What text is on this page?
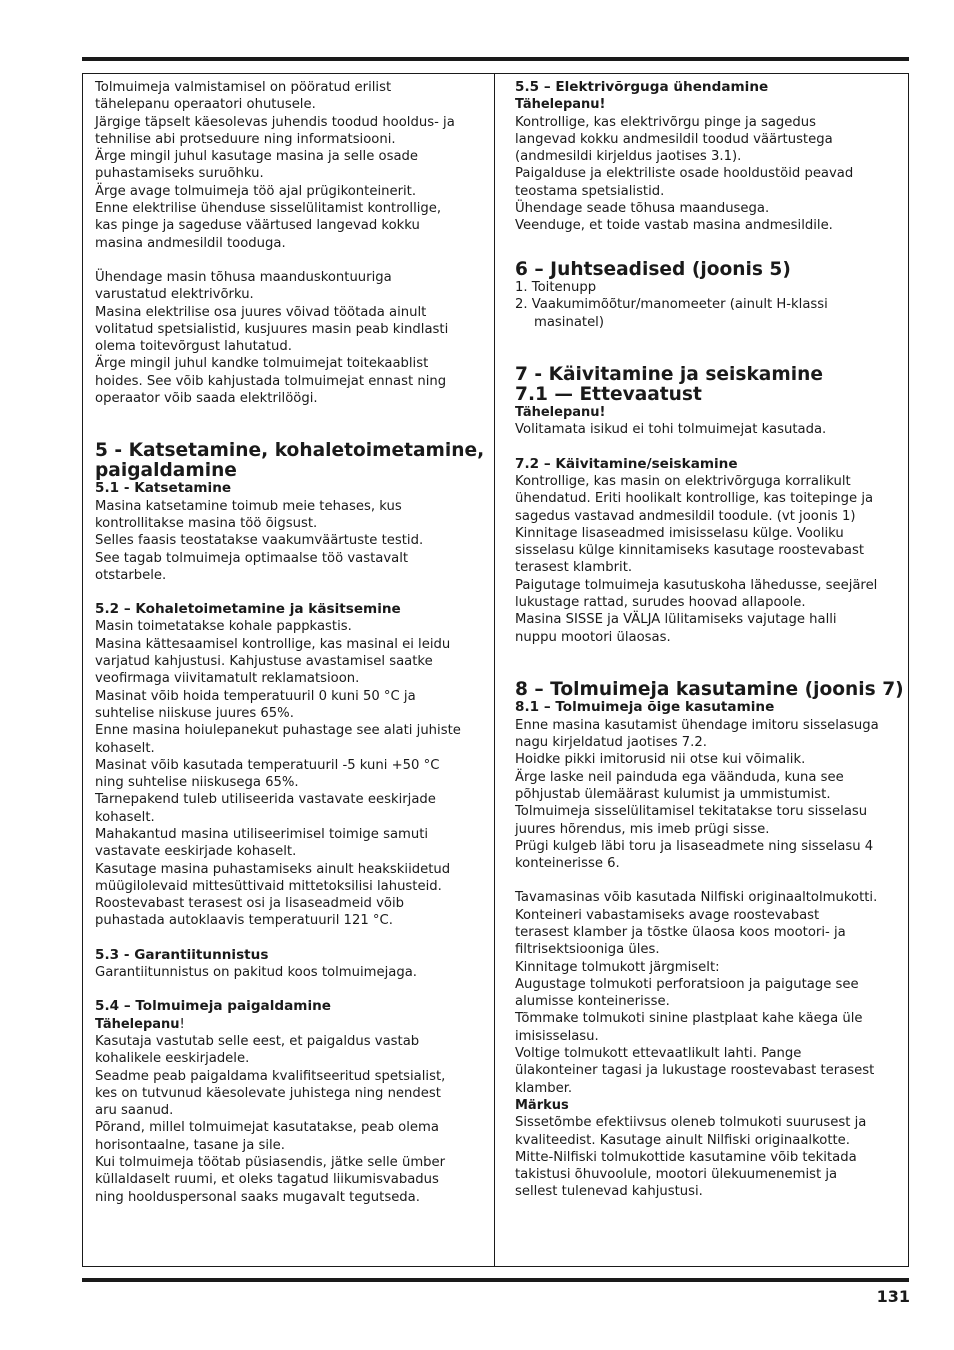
Tolmuimeja valmistamisel on pööratud erilist
tähelepanu operaatori ohutusele.
Järgige täpselt käesolevas juhendis toodud hooldus- ja
tehnilise abi protseduure ning informatsiooni.
Ärge mingil juhul kasutage masina ja selle osade
puhastamiseks suruõhku.
Ärge avage tolmuimeja töö ajal prügikonteinerit.
Enne elektrilise ühenduse sisselülitamist kontrollige,
kas pinge ja sageduse väärtused langevad kokku
masina andmesildil tooduga.
Ühendage masin tõhusa maanduskontuuriga
varustatud elektrivõrku.
Masina elektrilise osa juures võivad töötada ainult
volitatud spetsialistid, kusjuures masin peab kindlasti
olema toitevõrgust lahutatud.
Ärge mingil juhul kandke tolmuimejat toitekaablist
hoides. See võib kahjustada tolmuimejat ennast ning
operaator võib saada elektrilöögi.
5 - Katsetamine, kohaletoimetamine,
paigaldamine
5.1 - Katsetamine
Masina katsetamine toimub meie tehases, kus
kontrollitakse masina töö õigsust.
Selles faasis teostatakse vaakumväärtuste testid.
See tagab tolmuimeja optimaalse töö vastavalt
otstarbele.
5.2 – Kohaletoimetamine ja käsitsemine
Masin toimetatakse kohale pappkastis.
Masina kättesaamisel kontrollige, kas masinal ei leidu
varjatud kahjustusi. Kahjustuse avastamisel saatke
veofirmaga viivitamatult reklamatsioon.
Masinat võib hoida temperatuuril 0 kuni 50 °C ja
suhtelise niiskuse juures 65%.
Enne masina hoiulepanekut puhastage see alati juhiste
kohaselt.
Masinat võib kasutada temperatuuril -5 kuni +50 °C
ning suhtelise niiskusega 65%.
Tarnepakend tuleb utiliseerida vastavate eeskirjade
kohaselt.
Mahakantud masina utiliseerimisel toimige samuti
vastavate eeskirjade kohaselt.
Kasutage masina puhastamiseks ainult heakskiidetud
müügilolevaid mittesüttivaid mittetoksilisi lahusteid.
Roostevabast terasest osi ja lisaseadmeid võib
puhastada autoklaavis temperatuuril 121 °C.
5.3 - Garantiitunnistus
Garantiitunnistus on pakitud koos tolmuimejaga.
5.4 – Tolmuimeja paigaldamine
Tähelepanu!
Kasutaja vastutab selle eest, et paigaldus vastab
kohalikele eeskirjadele.
Seadme peab paigaldama kvalifitseeritud spetsialist,
kes on tutvunud käesolevate juhistega ning nendest
aru saanud.
Põrand, millel tolmuimejat kasutatakse, peab olema
horisontaalne, tasane ja sile.
Kui tolmuimeja töötab püsiasendis, jätke selle ümber
küllaldaselt ruumi, et oleks tagatud liikumisvabadus
ning hoolduspersonal saaks mugavalt tegutseda.
5.5 – Elektrivõrguga ühendamine
Tähelepanu!
Kontrollige, kas elektrivõrgu pinge ja sagedus
langevad kokku andmesildil toodud väärtustega
(andmesildi kirjeldus jaotises 3.1).
Paigalduse ja elektriliste osade hooldustöid peavad
teostama spetsialistid.
Ühendage seade tõhusa maandusega.
Veenduge, et toide vastab masina andmesildile.
6 – Juhtseadised (joonis 5)
1. Toitenupp
2. Vaakumimõõtur/manomeeter (ainult H-klassi
masinatel)
7 - Käivitamine ja seiskamine
7.1 — Ettevaatust
Tähelepanu!
Volitamata isikud ei tohi tolmuimejat kasutada.
7.2 – Käivitamine/seiskamine
Kontrollige, kas masin on elektrivõrguga korralikult
ühendatud. Eriti hoolikalt kontrollige, kas toitepinge ja
sagedus vastavad andmesildil toodule. (vt joonis 1)
Kinnitage lisaseadmed imisisselasu külge. Vooliku
sisselasu külge kinnitamiseks kasutage roostevabast
terasest klambrit.
Paigutage tolmuimeja kasutuskoha lähedusse, seejärel
lukustage rattad, surudes hoovad allapoole.
Masina SISSE ja VÄLJA lülitamiseks vajutage halli
nuppu mootori ülaosas.
8 – Tolmuimeja kasutamine (joonis 7)
8.1 – Tolmuimeja õige kasutamine
Enne masina kasutamist ühendage imitoru sisselasuga
nagu kirjeldatud jaotises 7.2.
Hoidke pikki imitorusid nii otse kui võimalik.
Ärge laske neil painduda ega väänduda, kuna see
põhjustab ülemäärast kulumist ja ummistumist.
Tolmuimeja sisselülitamisel tekitatakse toru sisselasu
juures hõrendus, mis imeb prügi sisse.
Prügi kulgeb läbi toru ja lisaseadmete ning sisselasu 4
konteinerisse 6.
Tavamasinas võib kasutada Nilfiski originaaltolmukotti.
Konteineri vabastamiseks avage roostevabast
terasest klamber ja tõstke ülaosa koos mootori- ja
filtrisektsiooniga üles.
Kinnitage tolmukott järgmiselt:
Augustage tolmukoti perforatsioon ja paigutage see
alumisse konteinerisse.
Tõmmake tolmukoti sinine plastplaat kahe käega üle
imisisselasu.
Voltige tolmukott ettevaatlikult lahti. Pange
ülakonteiner tagasi ja lukustage roostevabast terasest
klamber.
Märkus
Sissetõmbe efektiivsus oleneb tolmukoti suurusest ja
kvaliteedist. Kasutage ainult Nilfiski originaalkotte.
Mitte-Nilfiski tolmukottide kasutamine võib tekitada
takistusi õhuvoolule, mootori ülekuumenemist ja
sellest tulenevad kahjustusi.
131
